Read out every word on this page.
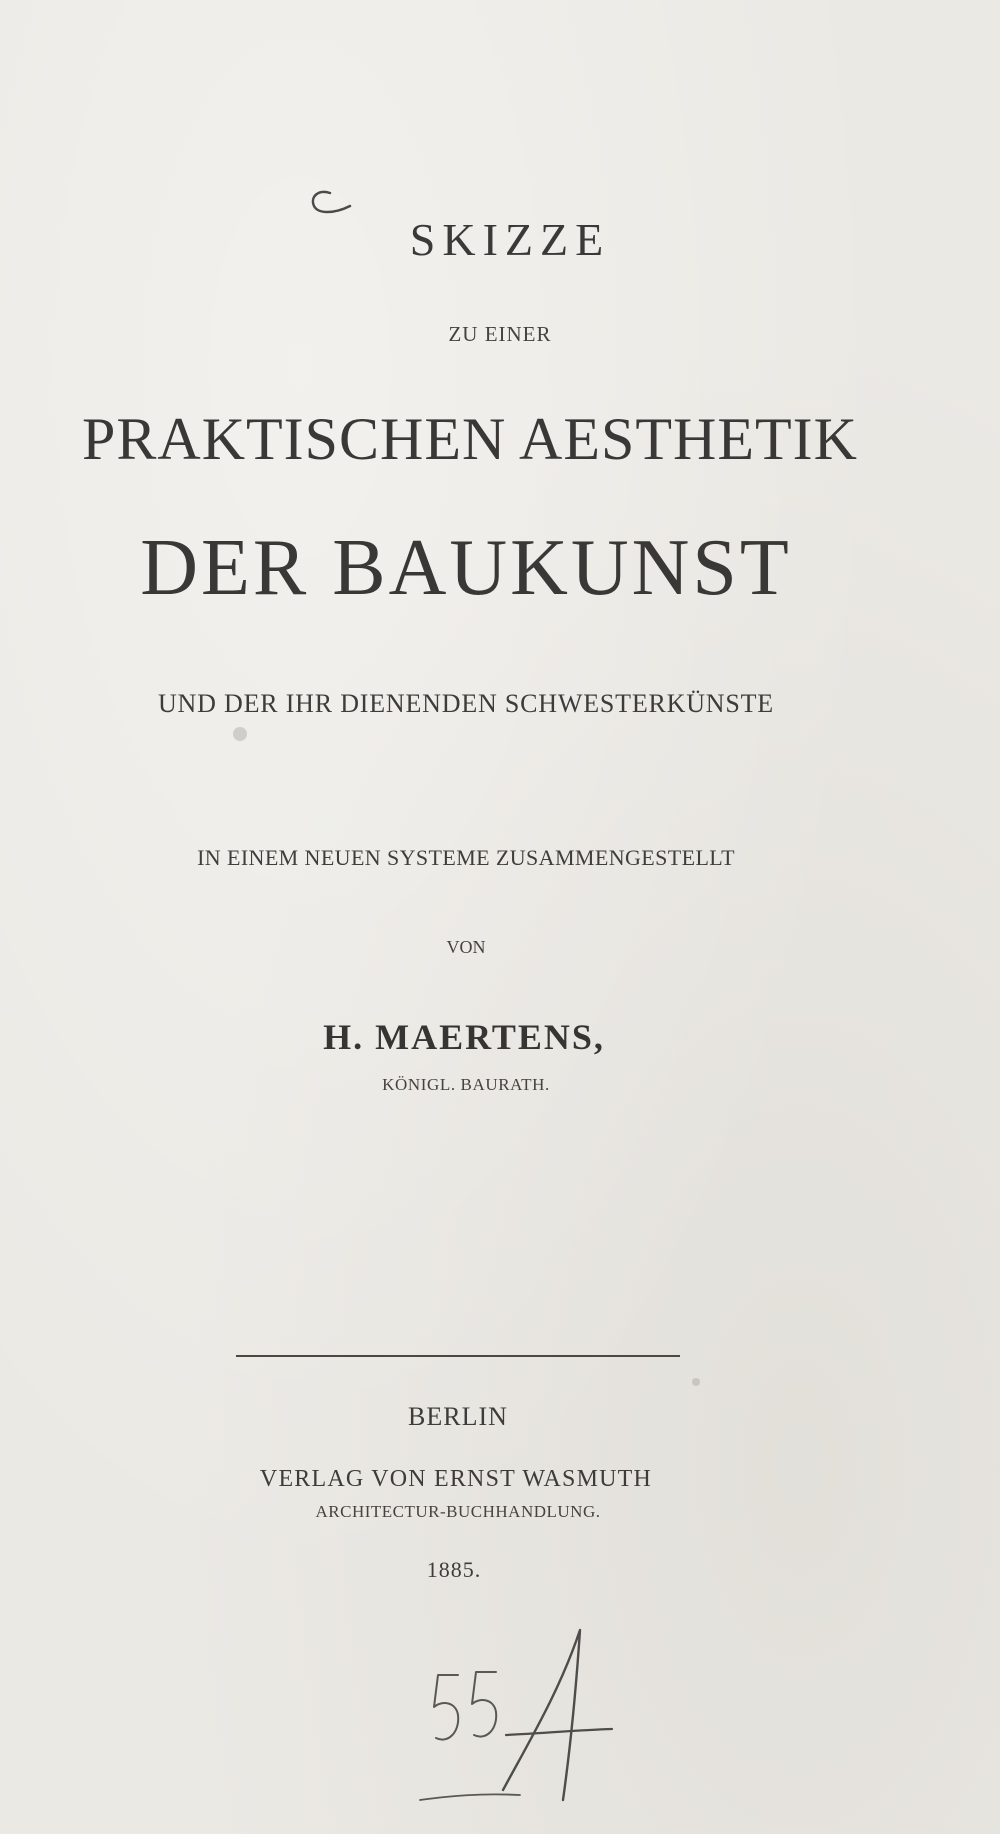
SKIZZE
ZU EINER
PRAKTISCHEN AESTHETIK
DER BAUKUNST
UND DER IHR DIENENDEN SCHWESTERKÜNSTE
IN EINEM NEUEN SYSTEME ZUSAMMENGESTELLT
VON
H. MAERTENS,
KÖNIGL. BAURATH.
BERLIN
VERLAG VON ERNST WASMUTH
ARCHITECTUR-BUCHHANDLUNG.
1885.
